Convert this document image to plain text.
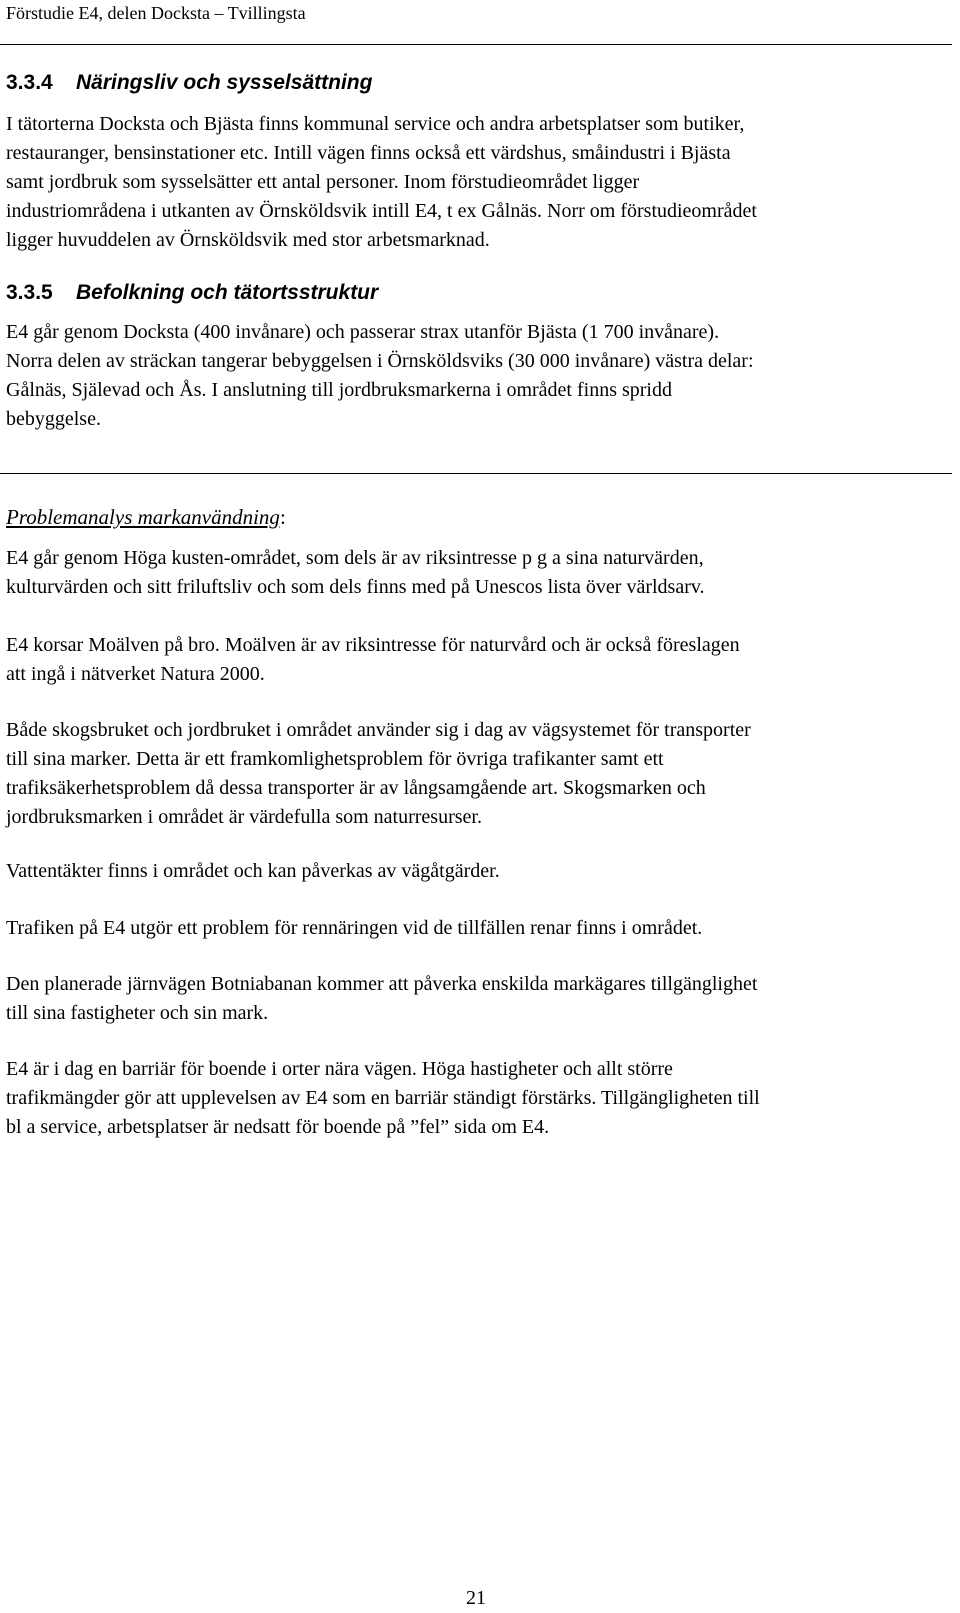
Förstudie E4, delen Docksta – Tvillingsta
3.3.4 Näringsliv och sysselsättning
I tätorterna Docksta och Bjästa finns kommunal service och andra arbetsplatser som butiker,
restauranger, bensinstationer etc. Intill vägen finns också ett värdshus, småindustri i Bjästa
samt jordbruk som sysselsätter ett antal personer. Inom förstudieområdet ligger
industriområdena i utkanten av Örnsköldsvik intill E4, t ex Gålnäs. Norr om förstudieområdet
ligger huvuddelen av Örnsköldsvik med stor arbetsmarknad.
3.3.5 Befolkning och tätortsstruktur
E4 går genom Docksta (400 invånare) och passerar strax utanför Bjästa (1 700 invånare).
Norra delen av sträckan tangerar bebyggelsen i Örnsköldsviks (30 000 invånare) västra delar:
Gålnäs, Själevad och Ås. I anslutning till jordbruksmarkerna i området finns spridd
bebyggelse.
Problemanalys markanvändning:
E4 går genom Höga kusten-området, som dels är av riksintresse p g a sina naturvärden,
kulturvärden och sitt friluftsliv och som dels finns med på Unescos lista över världsarv.
E4 korsar Moälven på bro. Moälven är av riksintresse för naturvård och är också föreslagen
att ingå i nätverket Natura 2000.
Både skogsbruket och jordbruket i området använder sig i dag av vägsystemet för transporter
till sina marker. Detta är ett framkomlighetsproblem för övriga trafikanter samt ett
trafiksäkerhetsproblem då dessa transporter är av långsamgående art. Skogsmarken och
jordbruksmarken i området är värdefulla som naturresurser.
Vattentäkter finns i området och kan påverkas av vägåtgärder.
Trafiken på E4 utgör ett problem för rennäringen vid de tillfällen renar finns i området.
Den planerade järnvägen Botniabanan kommer att påverka enskilda markägares tillgänglighet
till sina fastigheter och sin mark.
E4 är i dag en barriär för boende i orter nära vägen. Höga hastigheter och allt större
trafikmängder gör att upplevelsen av E4 som en barriär ständigt förstärks. Tillgängligheten till
bl a service, arbetsplatser är nedsatt för boende på ”fel” sida om E4.
21
